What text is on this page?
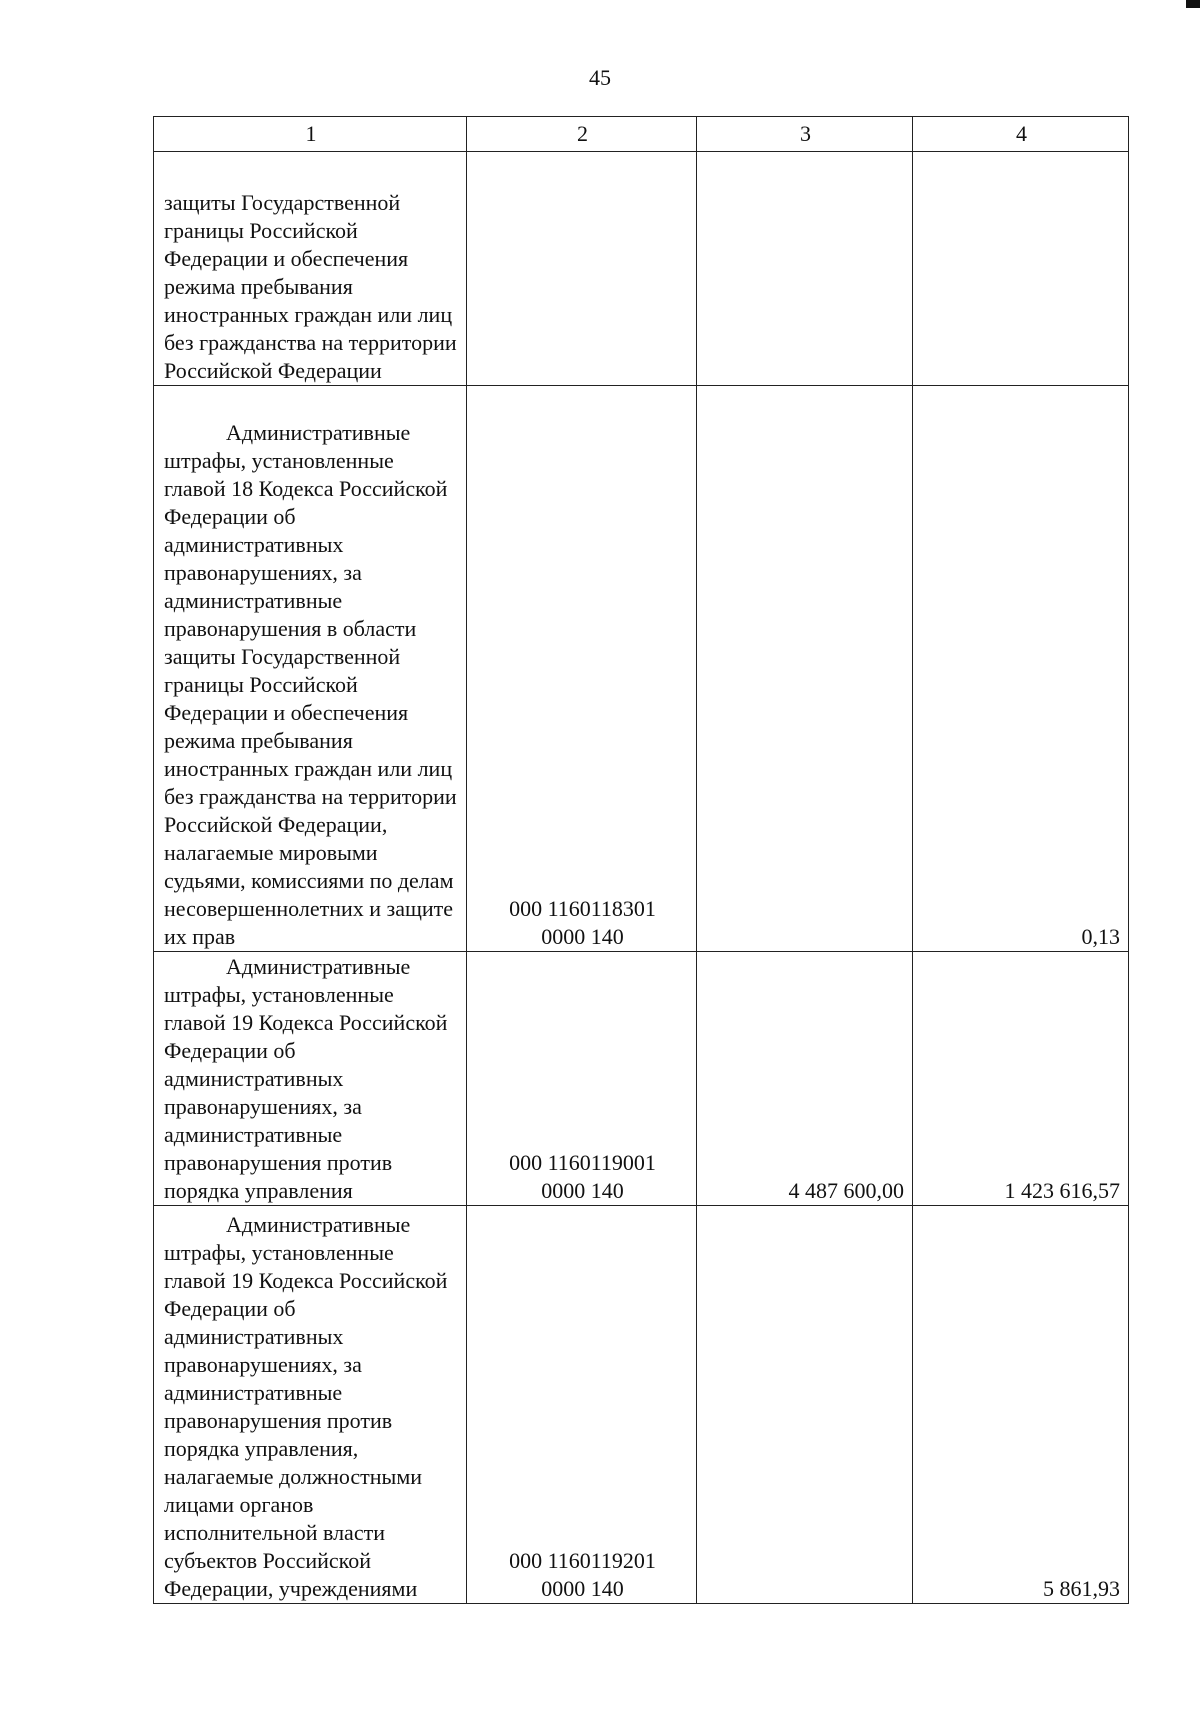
45
1	2	3	4
защиты Государственной границы Российской Федерации и обеспечения режима пребывания иностранных граждан или лиц без гражданства на территории Российской Федерации	

Административные штрафы, установленные главой 18 Кодекса Российской Федерации об административных правонарушениях, за административные правонарушения в области защиты Государственной границы Российской Федерации и обеспечения режима пребывания иностранных граждан или лиц без гражданства на территории Российской Федерации, налагаемые мировыми судьями, комиссиями по делам несовершеннолетних и защите их прав	000 1160118301
0000 140		0,13
Административные штрафы, установленные главой 19 Кодекса Российской Федерации об административных правонарушениях, за административные правонарушения против порядка управления	000 1160119001
0000 140	4 487 600,00	1 423 616,57
Административные штрафы, установленные главой 19 Кодекса Российской Федерации об административных правонарушениях, за административные правонарушения против порядка управления, налагаемые должностными лицами органов исполнительной власти субъектов Российской Федерации, учреждениями	000 1160119201
0000 140		5 861,93
